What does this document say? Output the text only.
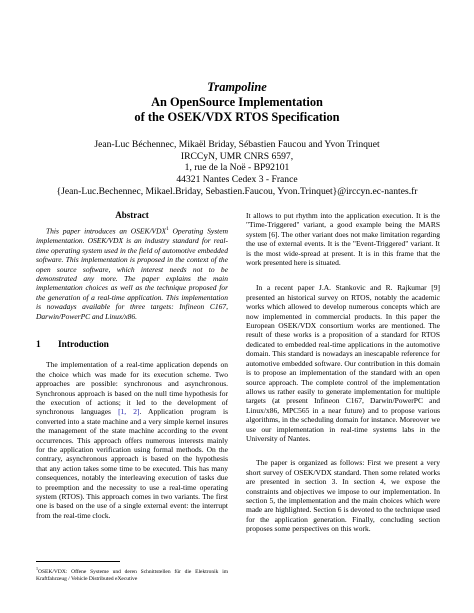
Trampoline
An OpenSource Implementation
of the OSEK/VDX RTOS Specification
Jean-Luc Béchennec, Mikaël Briday, Sébastien Faucou and Yvon Trinquet
IRCCyN, UMR CNRS 6597,
1, rue de la Noë - BP92101
44321 Nantes Cedex 3 - France
{Jean-Luc.Bechennec, Mikael.Briday, Sebastien.Faucou, Yvon.Trinquet}@irccyn.ec-nantes.fr
Abstract

This paper introduces an OSEK/VDX$^1$ Operating System implementation. OSEK/VDX is an industry standard for real-time operating system used in the field of automotive embedded software. This implementation is proposed in the context of the open source software, which interest needs not to be demonstrated any more. The paper explains the main implementation choices as well as the technique proposed for the generation of a real-time application. This implementation is nowadays available for three targets: Infineon C167, Darwin/PowerPC and Linux/x86.

1 Introduction

The implementation of a real-time application depends on the choice which was made for its execution scheme. Two approaches are possible: synchronous and asynchronous. Synchronous approach is based on the null time hypothesis for the execution of actions; it led to the development of synchronous languages [1, 2]. Application program is converted into a state machine and a very simple kernel insures the management of the state machine according to the event occurrences. This approach offers numerous interests mainly for the application verification using formal methods. On the contrary, asynchronous approach is based on the hypothesis that any action takes some time to be executed. This has many consequences, notably the interleaving execution of tasks due to preemption and the necessity to use a real-time operating system (RTOS). This approach comes in two variants. The first one is based on the use of a single external event: the interrupt from the real-time clock.

It allows to put rhythm into the application execution. It is the "Time-Triggered" variant, a good example being the MARS system [6]. The other variant does not make limitation regarding the use of external events. It is the "Event-Triggered" variant. It is the most wide-spread at present. It is in this frame that the work presented here is situated.

In a recent paper J.A. Stankovic and R. Rajkumar [9] presented an historical survey on RTOS, notably the academic works which allowed to develop numerous concepts which are now implemented in commercial products. In this paper the European OSEK/VDX consortium works are mentioned. The result of these works is a proposition of a standard for RTOS dedicated to embedded real-time applications in the automotive domain. This standard is nowadays an inescapable reference for automotive embedded software. Our contribution in this domain is to propose an implementation of the standard with an open source approach. The complete control of the implementation allows us rather easily to generate implementation for multiple targets (at present Infineon C167, Darwin/PowerPC and Linux/x86, MPC565 in a near future) and to propose various algorithms, in the scheduling domain for instance. Moreover we use our implementation in real-time systems labs in the University of Nantes.

The paper is organized as follows: First we present a very short survey of OSEK/VDX standard. Then some related works are presented in section 3. In section 4, we expose the constraints and objectives we impose to our implementation. In section 5, the implementation and the main choices which were made are highlighted. Section 6 is devoted to the technique used for the application generation. Finally, concluding section proposes some perspectives on this work.

$^1$OSEK/VDX: Offene Systeme und deren Schnittstellen für die Elektronik im Kraftfahrzeug / Vehicle Distributed eXecutive
